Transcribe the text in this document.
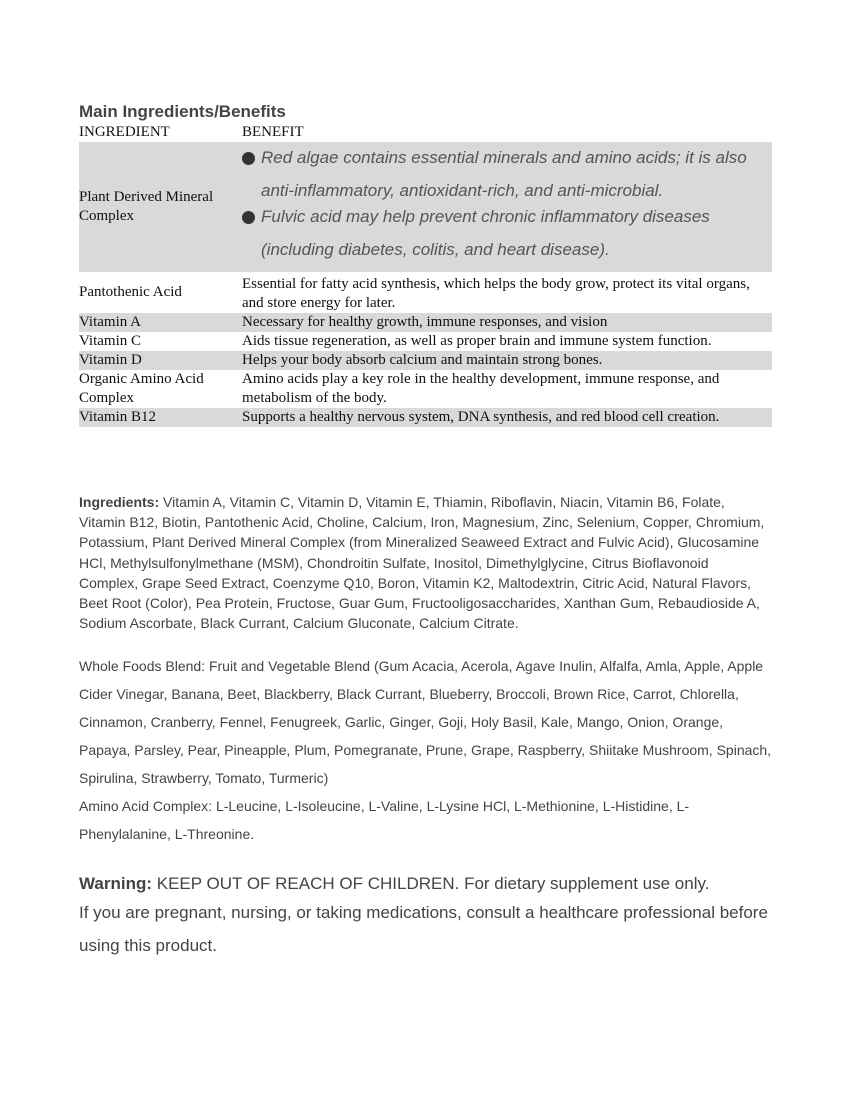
Main Ingredients/Benefits
INGREDIENT	BENEFIT
Plant Derived Mineral Complex	Red algae contains essential minerals and amino acids; it is also anti-inflammatory, antioxidant-rich, and anti-microbial.
Fulvic acid may help prevent chronic inflammatory diseases (including diabetes, colitis, and heart disease).

Pantothenic Acid	Essential for fatty acid synthesis, which helps the body grow, protect its vital organs, and store energy for later.
Vitamin A	Necessary for healthy growth, immune responses, and vision
Vitamin C	Aids tissue regeneration, as well as proper brain and immune system function.
Vitamin D	Helps your body absorb calcium and maintain strong bones.
Organic Amino Acid Complex	Amino acids play a key role in the healthy development, immune response, and metabolism of the body.
Vitamin B12	Supports a healthy nervous system, DNA synthesis, and red blood cell creation.
Ingredients: Vitamin A, Vitamin C, Vitamin D, Vitamin E, Thiamin, Riboflavin, Niacin, Vitamin B6, Folate, Vitamin B12, Biotin, Pantothenic Acid, Choline, Calcium, Iron, Magnesium, Zinc, Selenium, Copper, Chromium, Potassium, Plant Derived Mineral Complex (from Mineralized Seaweed Extract and Fulvic Acid), Glucosamine HCl, Methylsulfonylmethane (MSM), Chondroitin Sulfate, Inositol, Dimethylglycine, Citrus Bioflavonoid Complex, Grape Seed Extract, Coenzyme Q10, Boron, Vitamin K2, Maltodextrin, Citric Acid, Natural Flavors, Beet Root (Color), Pea Protein, Fructose, Guar Gum, Fructooligosaccharides, Xanthan Gum, Rebaudioside A, Sodium Ascorbate, Black Currant, Calcium Gluconate, Calcium Citrate.
Whole Foods Blend: Fruit and Vegetable Blend (Gum Acacia, Acerola, Agave Inulin, Alfalfa, Amla, Apple, Apple Cider Vinegar, Banana, Beet, Blackberry, Black Currant, Blueberry, Broccoli, Brown Rice, Carrot, Chlorella, Cinnamon, Cranberry, Fennel, Fenugreek, Garlic, Ginger, Goji, Holy Basil, Kale, Mango, Onion, Orange, Papaya, Parsley, Pear, Pineapple, Plum, Pomegranate, Prune, Grape, Raspberry, Shiitake Mushroom, Spinach, Spirulina, Strawberry, Tomato, Turmeric)
Amino Acid Complex: L-Leucine, L-Isoleucine, L-Valine, L-Lysine HCl, L-Methionine, L-Histidine, L-Phenylalanine, L-Threonine.
Warning: KEEP OUT OF REACH OF CHILDREN. For dietary supplement use only.
If you are pregnant, nursing, or taking medications, consult a healthcare professional before using this product.
